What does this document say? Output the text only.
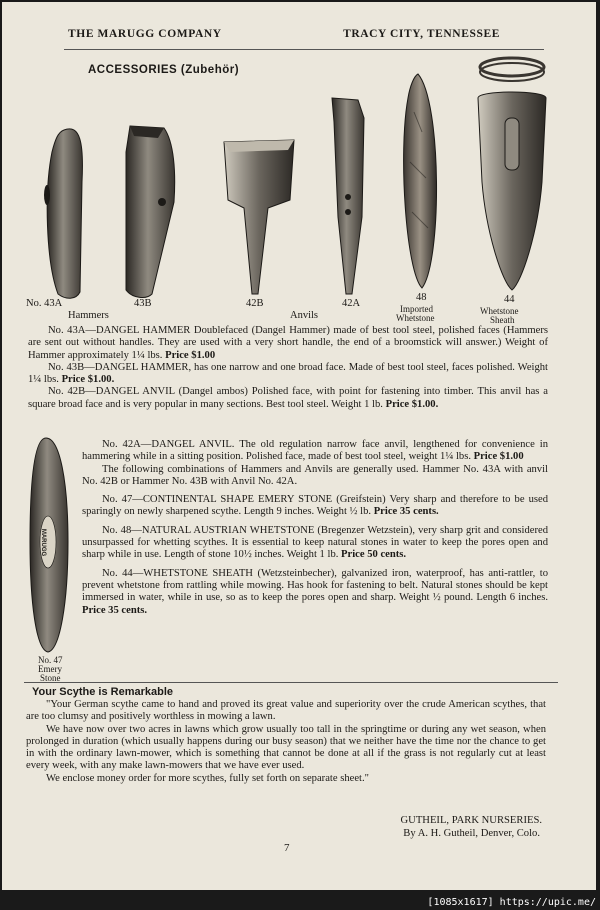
THE MARUGG COMPANY	TRACY CITY, TENNESSEE
ACCESSORIES (Zubehör)
MARUGG
No. 43A	43B
Hammers
42B
Anvils
42A
48
Imported
Whetstone
44
Whetstone
Sheath
No. 47
Emery
Stone

No. 43A—DANGEL HAMMER Doublefaced (Dangel Hammer) made of best tool steel, polished faces (Hammers are sent out without handles. They are used with a very short handle, the end of a broomstick will answer.) Weight of Hammer approximately 1¼ lbs. Price $1.00

No. 43B—DANGEL HAMMER, has one narrow and one broad face. Made of best tool steel, faces polished. Weight 1¼ lbs. Price $1.00.

No. 42B—DANGEL ANVIL (Dangel ambos) Polished face, with point for fastening into timber. This anvil has a square broad face and is very popular in many sections. Best tool steel. Weight 1 lb. Price $1.00.

No. 42A—DANGEL ANVIL. The old regulation narrow face anvil, lengthened for convenience in hammering while in a sitting position. Polished face, made of best tool steel, weight 1¼ lbs. Price $1.00

The following combinations of Hammers and Anvils are generally used. Hammer No. 43A with anvil No. 42B or Hammer No. 43B with Anvil No. 42A.

No. 47—CONTINENTAL SHAPE EMERY STONE (Greifstein) Very sharp and therefore to be used sparingly on newly sharpened scythe. Length 9 inches. Weight ½ lb. Price 35 cents.

No. 48—NATURAL AUSTRIAN WHETSTONE (Bregenzer Wetzstein), very sharp grit and considered unsurpassed for whetting scythes. It is essential to keep natural stones in water to keep the pores open and sharp while in use. Length of stone 10½ inches. Weight 1 lb. Price 50 cents.

No. 44—WHETSTONE SHEATH (Wetzsteinbecher), galvanized iron, waterproof, has anti-rattler, to prevent whetstone from rattling while mowing. Has hook for fastening to belt. Natural stones should be kept immersed in water, while in use, so as to keep the pores open and sharp. Weight ½ pound. Length 6 inches. Price 35 cents.

Your Scythe is Remarkable

"Your German scythe came to hand and proved its great value and superiority over the crude American scythes, that are too clumsy and positively worthless in mowing a lawn.

We have now over two acres in lawns which grow usually too tall in the springtime or during any wet season, when prolonged in duration (which usually happens during our busy season) that we neither have the time nor the chance to get in with the ordinary lawn-mower, which is something that cannot be done at all if the grass is not regularly cut at least every week, with any make lawn-mowers that we have ever used.

We enclose money order for more scythes, fully set forth on separate sheet."

GUTHEIL, PARK NURSERIES.
By A. H. Gutheil, Denver, Colo.
7
[1085x1617] https://upic.me/
